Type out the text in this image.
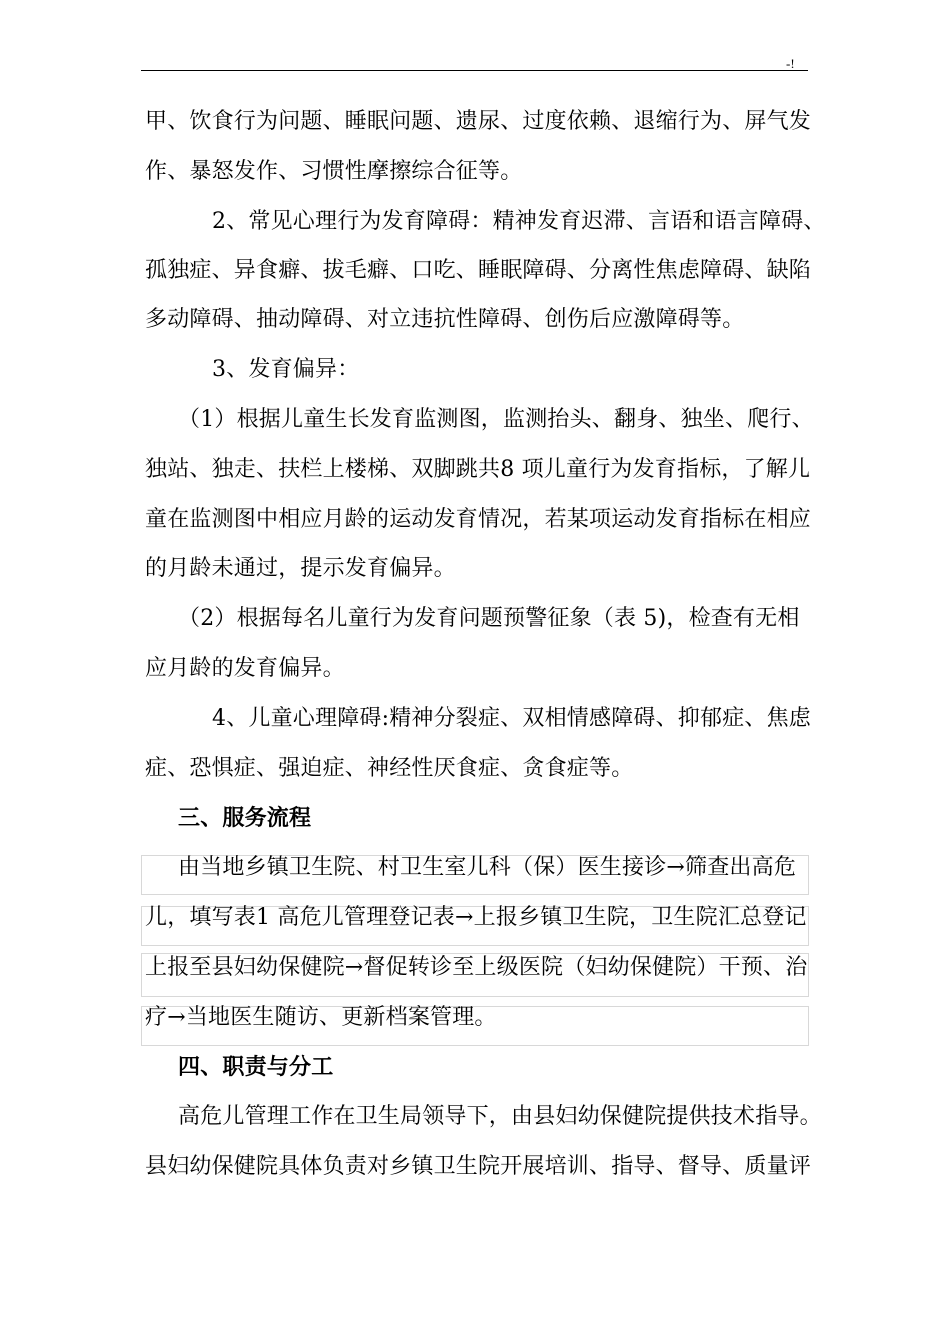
-!
甲、饮食行为问题、睡眠问题、遗尿、过度依赖、退缩行为、屏气发
作、暴怒发作、习惯性摩擦综合征等。
2、常见心理行为发育障碍：精神发育迟滞、言语和语言障碍、
孤独症、异食癖、拔毛癖、口吃、睡眠障碍、分离性焦虑障碍、缺陷
多动障碍、抽动障碍、对立违抗性障碍、创伤后应激障碍等。
3、发育偏异：
（1）根据儿童生长发育监测图，监测抬头、翻身、独坐、爬行、
独站、独走、扶栏上楼梯、双脚跳共8 项儿童行为发育指标，了解儿
童在监测图中相应月龄的运动发育情况，若某项运动发育指标在相应
的月龄未通过，提示发育偏异。
（2）根据每名儿童行为发育问题预警征象（表 5)，检查有无相
应月龄的发育偏异。
4、儿童心理障碍:精神分裂症、双相情感障碍、抑郁症、焦虑
症、恐惧症、强迫症、神经性厌食症、贪食症等。
三、服务流程
由当地乡镇卫生院、村卫生室儿科（保）医生接诊→筛查出高危
儿，填写表1 高危儿管理登记表→上报乡镇卫生院，卫生院汇总登记
上报至县妇幼保健院→督促转诊至上级医院（妇幼保健院）干预、治
疗→当地医生随访、更新档案管理。
四、职责与分工
高危儿管理工作在卫生局领导下，由县妇幼保健院提供技术指导。
县妇幼保健院具体负责对乡镇卫生院开展培训、指导、督导、质量评
